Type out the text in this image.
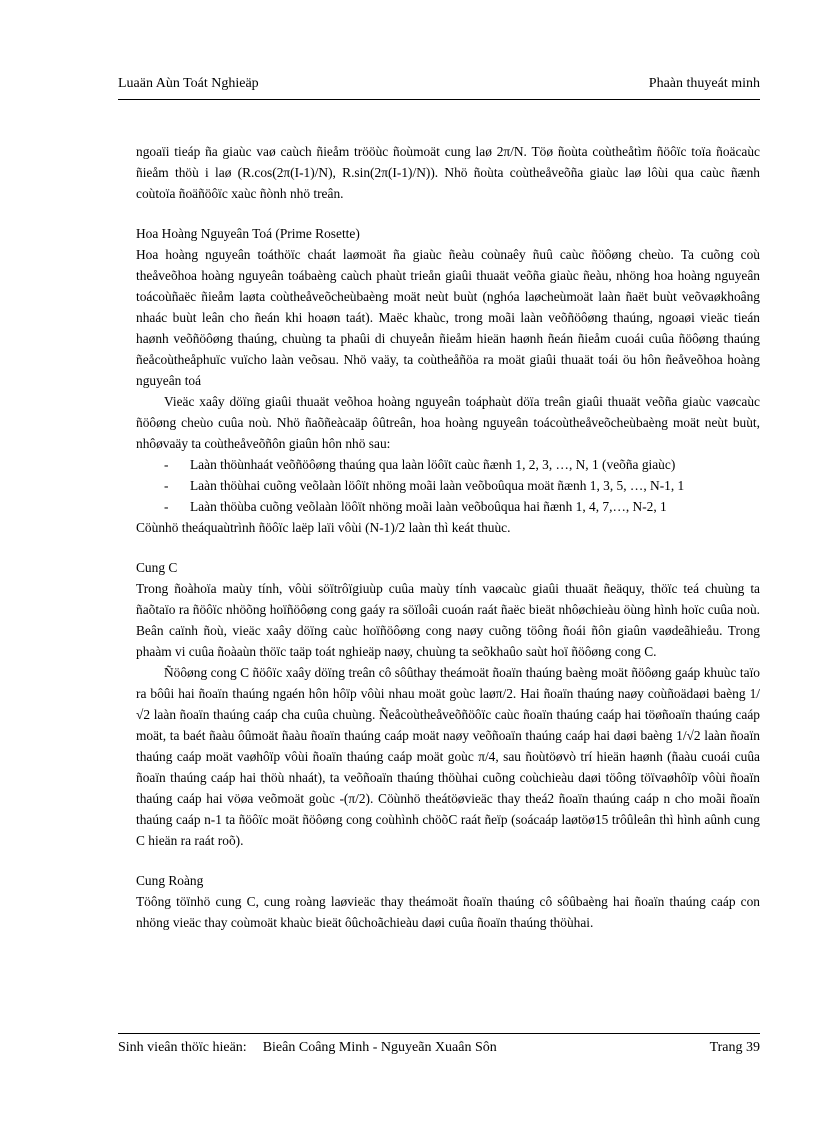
Luaän Aùn Toát Nghieäp	Phaàn thuyeát minh

ngoaïi tieáp ña giaùc vaø caùch ñieåm trööùc ñoùmoät cung laø 2π/N. Töø ñoùta coùtheåtìm ñöôïc toïa ñoäcaùc ñieåm thöù i laø (R.cos(2π(I-1)/N), R.sin(2π(I-1)/N)). Nhö ñoùta coùtheåveõña giaùc laø lôùi qua caùc ñænh coùtoïa ñoäñöôïc xaùc ñònh nhö treân.

Hoa Hoàng Nguyeân Toá (Prime Rosette)

Hoa hoàng nguyeân toáthöïc chaát laømoät ña giaùc ñeàu coùnaêy ñuû caùc ñöôøng cheùo. Ta cuõng coù theåveõhoa hoàng nguyeân toábaèng caùch phaùt trieån giaûi thuaät veõña giaùc ñeàu, nhöng hoa hoàng nguyeân toácoùñaëc ñieåm laøta coùtheåveõcheùbaèng moät neùt buùt (nghóa laøcheùmoät laàn ñaët buùt veõvaøkhoâng nhaác buùt leân cho ñeán khi hoaøn taát). Maëc khaùc, trong moãi laàn veõñöôøng thaúng, ngoaøi vieäc tieán haønh veõñöôøng thaúng, chuùng ta phaûi di chuyeån ñieåm hieän haønh ñeán ñieåm cuoái cuûa ñöôøng thaúng ñeåcoùtheåphuïc vuïcho laàn veõsau. Nhö vaäy, ta coùtheåñöa ra moät giaûi thuaät toái öu hôn ñeåveõhoa hoàng nguyeân toá

Vieäc xaây döïng giaûi thuaät veõhoa hoàng nguyeân toáphaùt döïa treân giaûi thuaät veõña giaùc vaøcaùc ñöôøng cheùo cuûa noù. Nhö ñaõñeàcaäp ôûtreân, hoa hoàng nguyeân toácoùtheåveõcheùbaèng moät neùt buùt, nhôøvaäy ta coùtheåveõñôn giaûn hôn nhö sau:

- Laàn thöùnhaát veõñöôøng thaúng qua laàn löôït caùc ñænh 1, 2, 3, …, N, 1 (veõña giaùc)
- Laàn thöùhai cuõng veõlaàn löôït nhöng moãi laàn veõboûqua moät ñænh 1, 3, 5, …, N-1, 1
- Laàn thöùba cuõng veõlaàn löôït nhöng moãi laàn veõboûqua hai ñænh 1, 4, 7,…, N-2, 1

Cöùnhö theáquaùtrình ñöôïc laëp laïi vôùi (N-1)/2 laàn thì keát thuùc.

Cung C

Trong ñoàhoïa maùy tính, vôùi söïtrôïgiuùp cuûa maùy tính vaøcaùc giaûi thuaät ñeäquy, thöïc teá chuùng ta ñaõtaïo ra ñöôïc nhöõng hoïñöôøng cong gaáy ra söïloâi cuoán raát ñaëc bieät nhôøchieàu öùng hình hoïc cuûa noù. Beân caïnh ñoù, vieäc xaây döïng caùc hoïñöôøng cong naøy cuõng töông ñoái ñôn giaûn vaødeãhieåu. Trong phaàm vi cuûa ñoàaùn thöïc taäp toát nghieäp naøy, chuùng ta seõkhaûo saùt hoï ñöôøng cong C.

Ñöôøng cong C ñöôïc xaây döïng treân cô sôûthay theámoät ñoaïn thaúng baèng moät ñöôøng gaáp khuùc taïo ra bôûi hai ñoaïn thaúng ngaén hôn hôïp vôùi nhau moät goùc laøπ/2. Hai ñoaïn thaúng naøy coùñoädaøi baèng 1/√2 laàn ñoaïn thaúng caáp cha cuûa chuùng. Ñeåcoùtheåveõñöôïc caùc ñoaïn thaúng caáp hai töøñoaïn thaúng caáp moät, ta baét ñaàu ôûmoät ñaàu ñoaïn thaúng caáp moät naøy veõñoaïn thaúng caáp hai daøi baèng 1/√2 laàn ñoaïn thaúng caáp moät vaøhôïp vôùi ñoaïn thaúng caáp moät goùc π/4, sau ñoùtöøvò trí hieän haønh (ñaàu cuoái cuûa ñoaïn thaúng caáp hai thöù nhaát), ta veõñoaïn thaúng thöùhai cuõng coùchieàu daøi töông töïvaøhôïp vôùi ñoaïn thaúng caáp hai vöøa veõmoät goùc -(π/2). Cöùnhö theátöøvieäc thay theá2 ñoaïn thaúng caáp n cho moãi ñoaïn thaúng caáp n-1 ta ñöôïc moät ñöôøng cong coùhình chöõC raát ñeïp (soácaáp laøtöø15 trôûleân thì hình aûnh cung C hieän ra raát roõ).

Cung Roàng

Töông töïnhö cung C, cung roàng laøvieäc thay theámoät ñoaïn thaúng cô sôûbaèng hai ñoaïn thaúng caáp con nhöng vieäc thay coùmoät khaùc bieät ôûchoãchieàu daøi cuûa ñoaïn thaúng thöùhai.

Sinh vieân thöïc hieän: Bieân Coâng Minh - Nguyeãn Xuaân Sôn	Trang 39
